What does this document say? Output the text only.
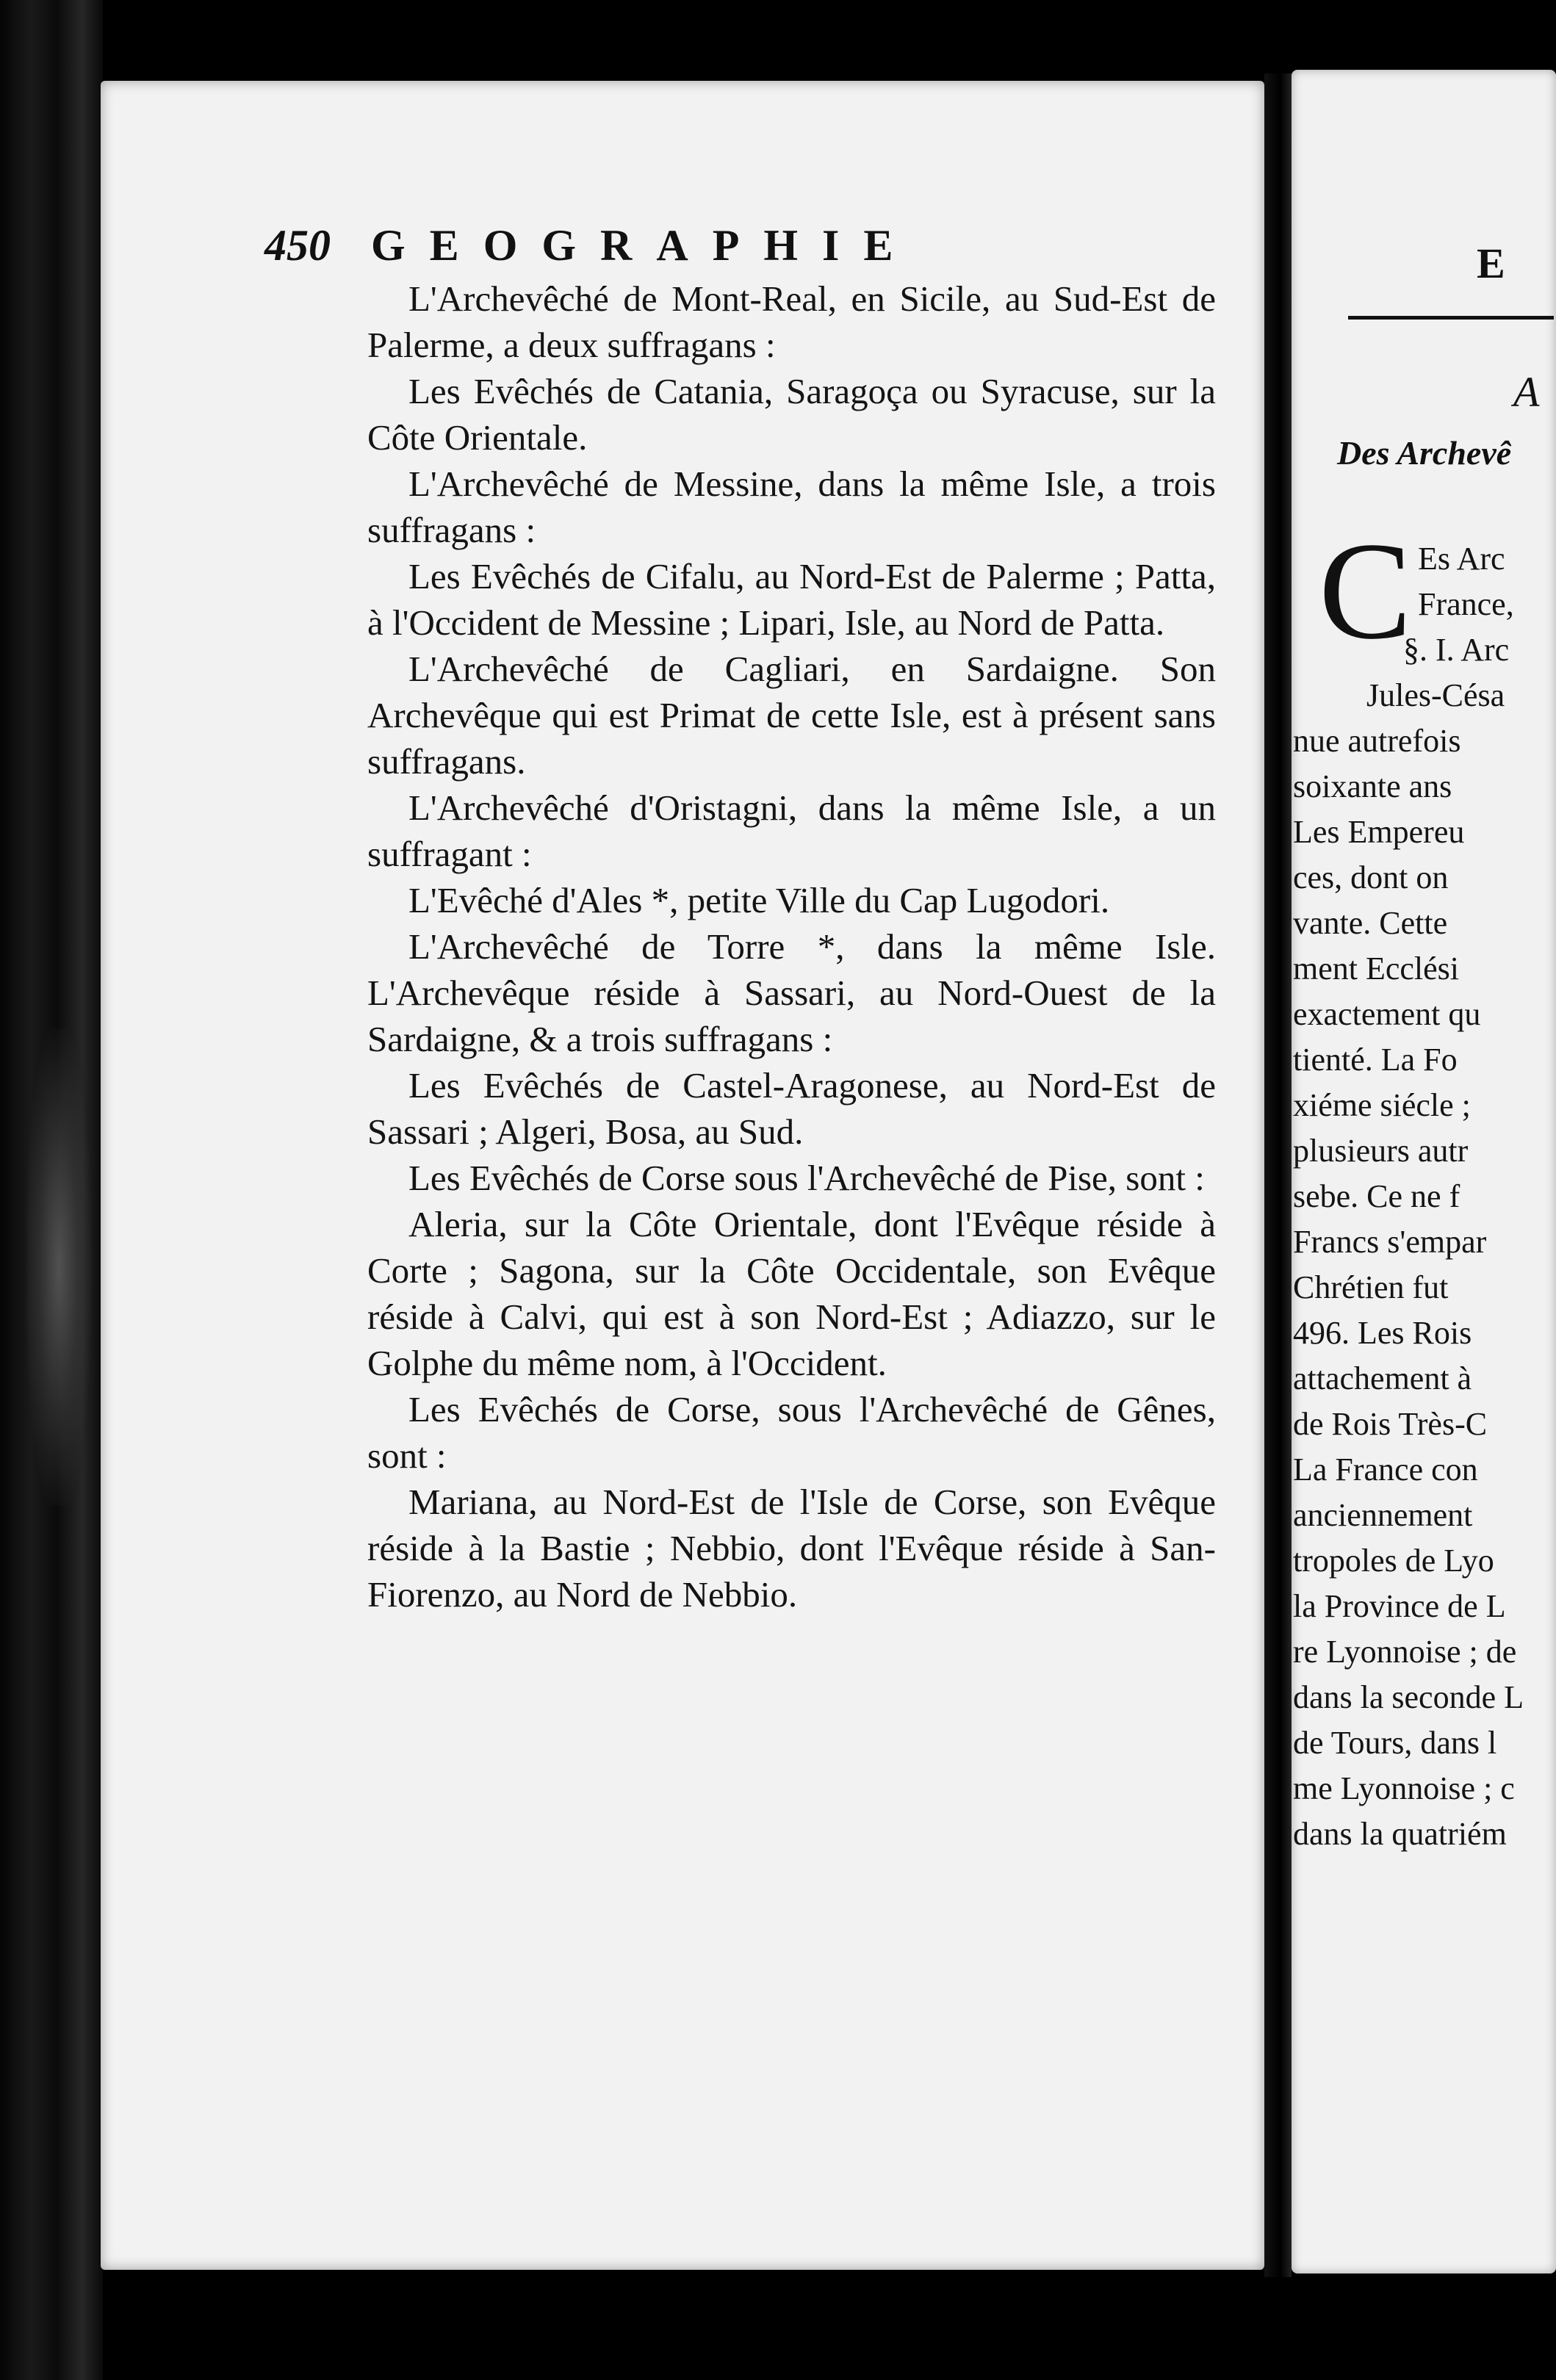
450 GEOGRAPHIE

L'Archevêché de Mont-Real, en Sicile, au Sud-Est de Palerme, a deux suffragans :

Les Evêchés de Catania, Saragoça ou Syracuse, sur la Côte Orientale.

L'Archevêché de Messine, dans la même Isle, a trois suffragans :

Les Evêchés de Cifalu, au Nord-Est de Palerme ; Patta, à l'Occident de Messine ; Lipari, Isle, au Nord de Patta.

L'Archevêché de Cagliari, en Sardaigne. Son Archevêque qui est Primat de cette Isle, est à présent sans suffragans.

L'Archevêché d'Oristagni, dans la même Isle, a un suffragant :

L'Evêché d'Ales *, petite Ville du Cap Lugodori.

L'Archevêché de Torre *, dans la même Isle. L'Archevêque réside à Sassari, au Nord-Ouest de la Sardaigne, & a trois suffragans :

Les Evêchés de Castel-Aragonese, au Nord-Est de Sassari ; Algeri, Bosa, au Sud.

Les Evêchés de Corse sous l'Archevêché de Pise, sont :

Aleria, sur la Côte Orientale, dont l'Evêque réside à Corte ; Sagona, sur la Côte Occidentale, son Evêque réside à Calvi, qui est à son Nord-Est ; Adiazzo, sur le Golphe du même nom, à l'Occident.

Les Evêchés de Corse, sous l'Archevêché de Gênes, sont :

Mariana, au Nord-Est de l'Isle de Corse, son Evêque réside à la Bastie ; Nebbio, dont l'Evêque réside à San-Fiorenzo, au Nord de Nebbio.

E
A
Des Archevê
C Es Arc
France,
§. I. Arc
Jules-Césa
nue autrefois
soixante ans
Les Empereu
ces, dont on
vante. Cette
ment Ecclési
exactement qu
tienté. La Fo
xiéme siécle ;
plusieurs autr
sebe. Ce ne f
Francs s'empar
Chrétien fut
496. Les Rois
attachement à
de Rois Très-C
La France con
anciennement
tropoles de Lyo
la Province de L
re Lyonnoise ; de
dans la seconde L
de Tours, dans l
me Lyonnoise ; c
dans la quatriém
